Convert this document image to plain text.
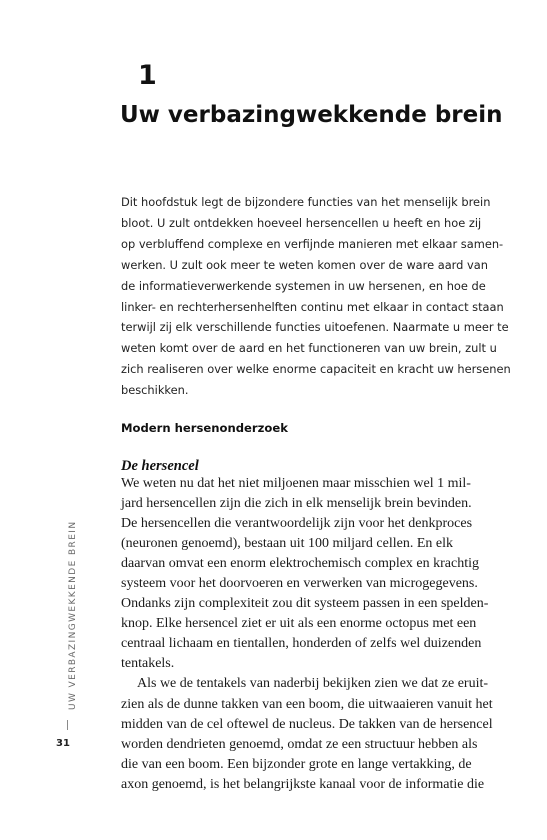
1
Uw verbazingwekkende brein
Dit hoofdstuk legt de bijzondere functies van het menselijk brein
bloot. U zult ontdekken hoeveel hersencellen u heeft en hoe zij
op verbluffend complexe en verfijnde manieren met elkaar samen-
werken. U zult ook meer te weten komen over de ware aard van
de informatieverwerkende systemen in uw hersenen, en hoe de
linker- en rechterhersenhelften continu met elkaar in contact staan
terwijl zij elk verschillende functies uitoefenen. Naarmate u meer te
weten komt over de aard en het functioneren van uw brein, zult u
zich realiseren over welke enorme capaciteit en kracht uw hersenen
beschikken.
Modern hersenonderzoek
De hersencel
We weten nu dat het niet miljoenen maar misschien wel 1 mil-
jard hersencellen zijn die zich in elk menselijk brein bevinden.
De hersencellen die verantwoordelijk zijn voor het denkproces
(neuronen genoemd), bestaan uit 100 miljard cellen. En elk
daarvan omvat een enorm elektrochemisch complex en krachtig
systeem voor het doorvoeren en verwerken van microgegevens.
Ondanks zijn complexiteit zou dit systeem passen in een spelden-
knop. Elke hersencel ziet er uit als een enorme octopus met een
centraal lichaam en tientallen, honderden of zelfs wel duizenden
tentakels.
Als we de tentakels van naderbij bekijken zien we dat ze eruit-
zien als de dunne takken van een boom, die uitwaaieren vanuit het
midden van de cel oftewel de nucleus. De takken van de hersencel
worden dendrieten genoemd, omdat ze een structuur hebben als
die van een boom. Een bijzonder grote en lange vertakking, de
axon genoemd, is het belangrijkste kanaal voor de informatie die
UW VERBAZINGWEKKENDE BREIN
31
